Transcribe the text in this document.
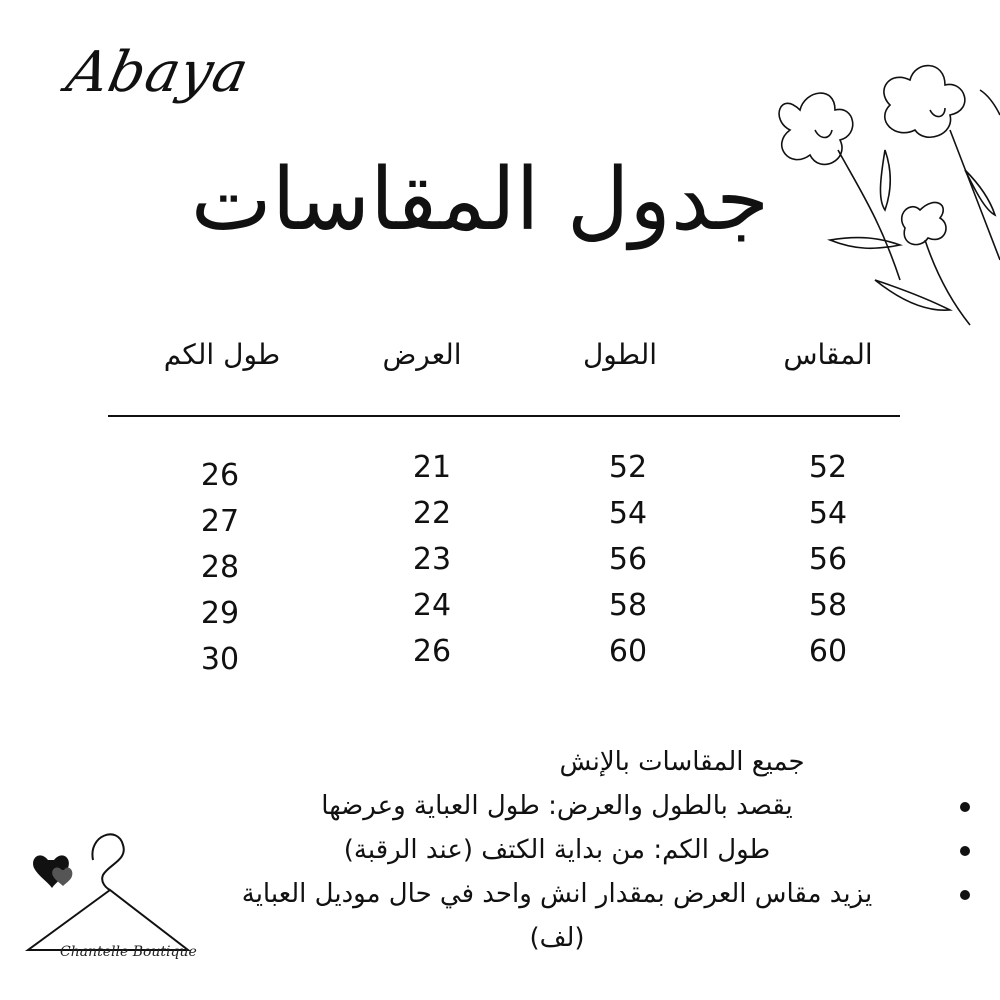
Abaya
جدول المقاسات
المقاس
الطول
العرض
طول الكم
52
54
56
58
60
52
54
56
58
60
21
22
23
24
26
26
27
28
29
30
جميع المقاسات بالإنش
يقصد بالطول والعرض: طول العباية وعرضها
طول الكم: من بداية الكتف (عند الرقبة)
يزيد مقاس العرض بمقدار انش واحد في حال موديل العباية (لف)
Chantelle Boutique
